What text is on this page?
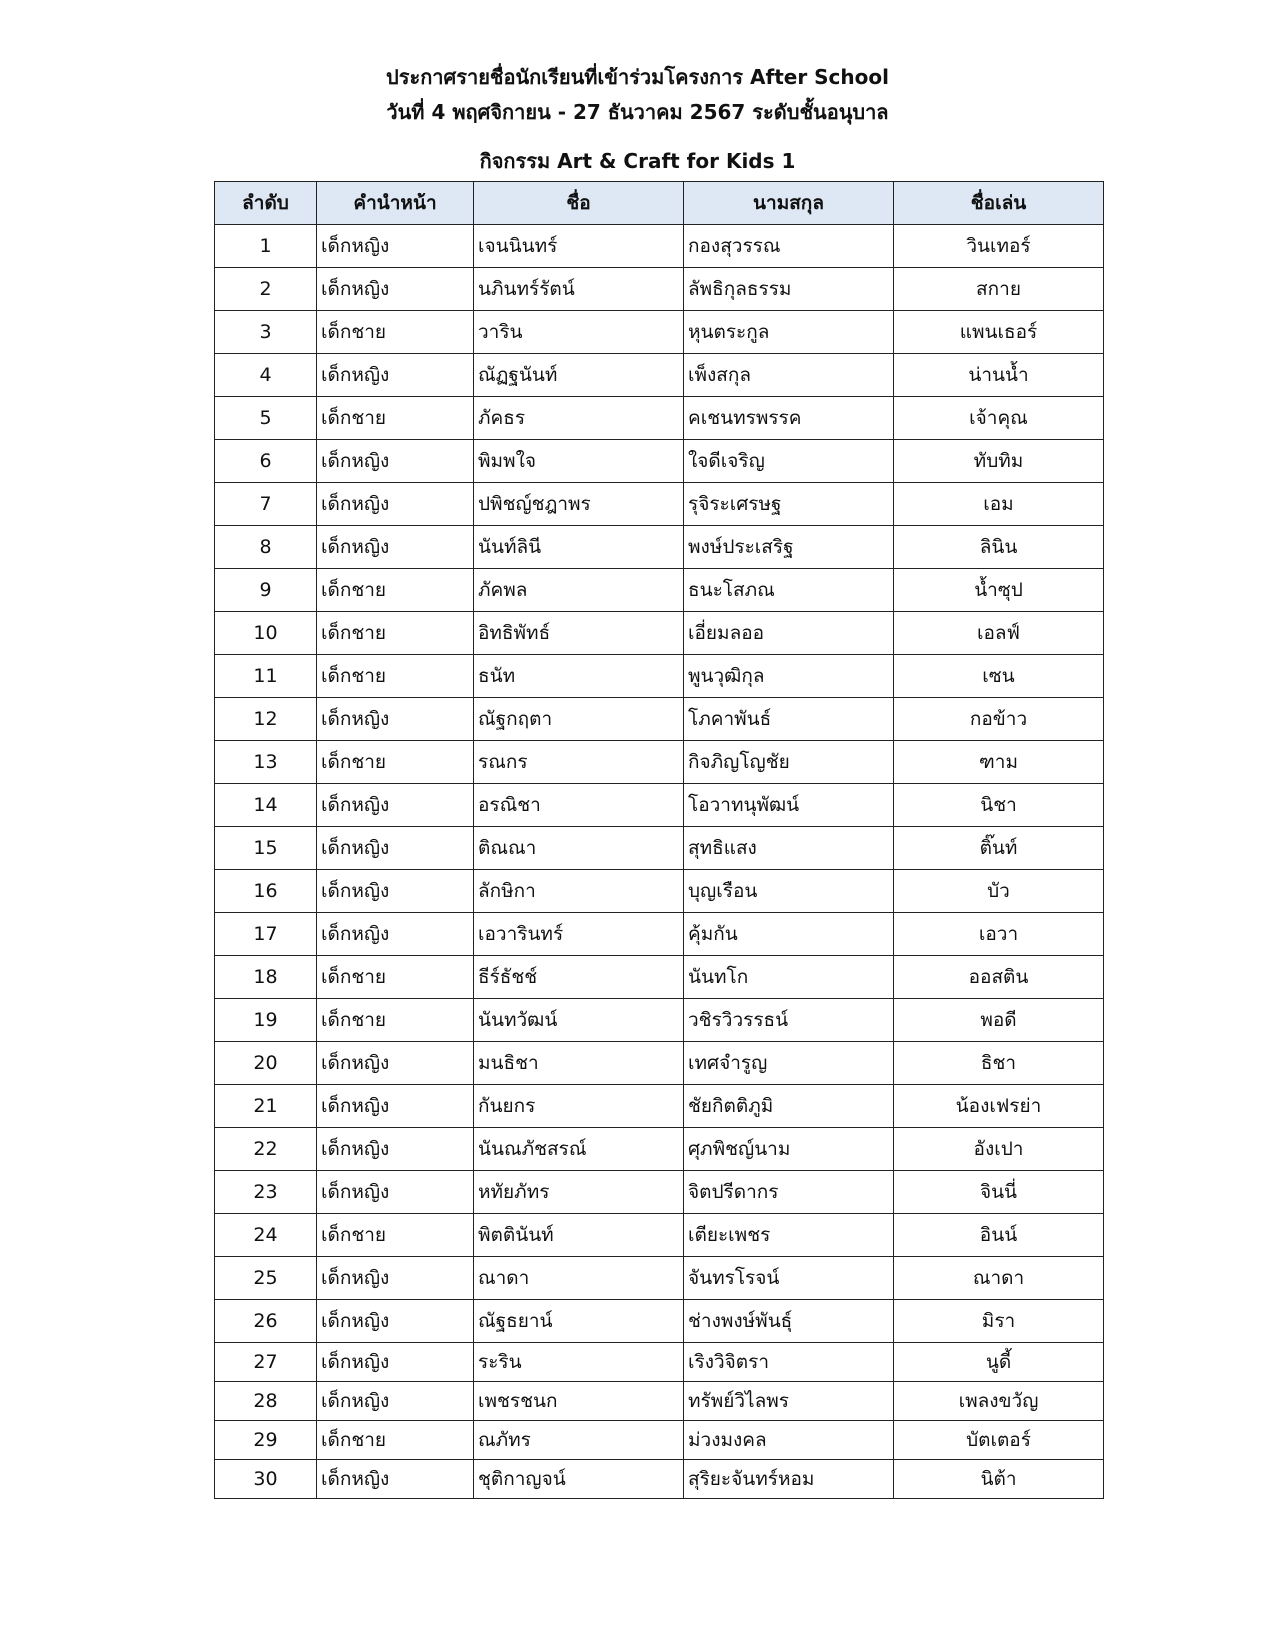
ประกาศรายชื่อนักเรียนที่เข้าร่วมโครงการ After School
วันที่ 4 พฤศจิกายน - 27 ธันวาคม 2567 ระดับชั้นอนุบาล
กิจกรรม Art & Craft for Kids 1
ลำดับ	คำนำหน้า	ชื่อ	นามสกุล	ชื่อเล่น
1	เด็กหญิง	เจนนินทร์	กองสุวรรณ	วินเทอร์
2	เด็กหญิง	นภินทร์รัตน์	ลัพธิกุลธรรม	สกาย
3	เด็กชาย	วาริน	หุนตระกูล	แพนเธอร์
4	เด็กหญิง	ณัฏฐนันท์	เพ็งสกุล	น่านน้ำ
5	เด็กชาย	ภัคธร	คเชนทรพรรค	เจ้าคุณ
6	เด็กหญิง	พิมพใจ	ใจดีเจริญ	ทับทิม
7	เด็กหญิง	ปพิชญ์ชฎาพร	รุจิระเศรษฐ	เอม
8	เด็กหญิง	นันท์ลินี	พงษ์ประเสริฐ	ลินิน
9	เด็กชาย	ภัคพล	ธนะโสภณ	น้ำซุป
10	เด็กชาย	อิทธิพัทธ์	เอี่ยมลออ	เอลฟ์
11	เด็กชาย	ธนัท	พูนวุฒิกุล	เซน
12	เด็กหญิง	ณัฐกฤตา	โภคาพันธ์	กอข้าว
13	เด็กชาย	รณกร	กิจภิญโญชัย	ฑาม
14	เด็กหญิง	อรณิชา	โอวาทนุพัฒน์	นิชา
15	เด็กหญิง	ติณณา	สุทธิแสง	ติ๊นท์
16	เด็กหญิง	ลักษิกา	บุญเรือน	บัว
17	เด็กหญิง	เอวารินทร์	คุ้มกัน	เอวา
18	เด็กชาย	ธีร์ธัชช์	นันทโก	ออสติน
19	เด็กชาย	นันทวัฒน์	วชิรวิวรรธน์	พอดี
20	เด็กหญิง	มนธิชา	เทศจำรูญ	ธิชา
21	เด็กหญิง	กันยกร	ชัยกิตติภูมิ	น้องเฟรย่า
22	เด็กหญิง	นันณภัชสรณ์	ศุภพิชญ์นาม	อังเปา
23	เด็กหญิง	หทัยภัทร	จิตปรีดากร	จินนี่
24	เด็กชาย	พิตตินันท์	เตียะเพชร	อินน์
25	เด็กหญิง	ณาดา	จันทรโรจน์	ณาดา
26	เด็กหญิง	ณัฐธยาน์	ช่างพงษ์พันธุ์	มิรา
27	เด็กหญิง	ระริน	เริงวิจิตรา	นูดี้
28	เด็กหญิง	เพชรชนก	ทรัพย์วิไลพร	เพลงขวัญ
29	เด็กชาย	ณภัทร	ม่วงมงคล	บัตเตอร์
30	เด็กหญิง	ชุติกาญจน์	สุริยะจันทร์หอม	นิต้า
